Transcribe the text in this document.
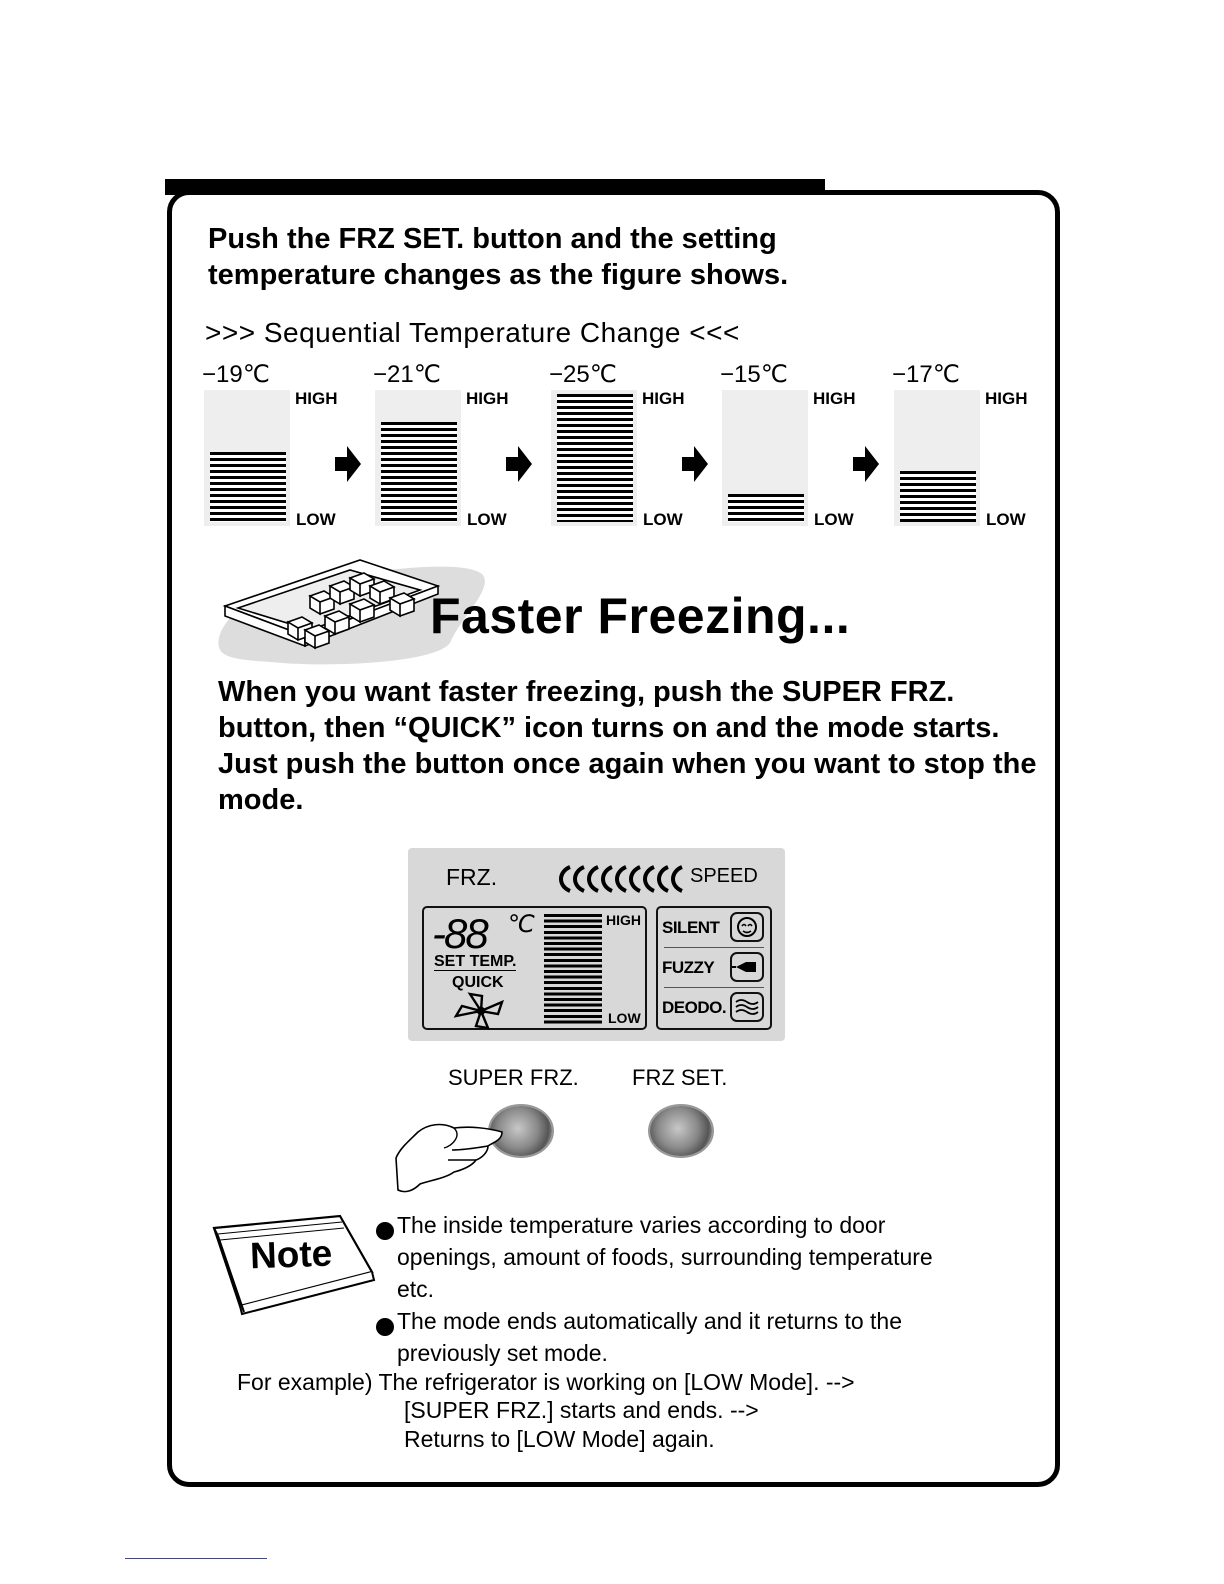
Push the FRZ SET. button and the setting temperature changes as the figure shows.

>>> Sequential Temperature Change <<<
−19℃
HIGH
LOW
−21℃
HIGH
LOW
−25℃
HIGH
LOW
−15℃
HIGH
LOW
−17℃
HIGH
LOW
Faster Freezing...

When you want faster freezing, push the SUPER FRZ. button, then “QUICK” icon turns on and the mode starts. Just push the button once again when you want to stop the mode.

FRZ.	SPEED
-88 ℃
SET TEMP.
QUICK
HIGH
LOW
SILENT
FUZZY
DEODO.
SUPER FRZ. FRZ SET.
Note

The inside temperature varies according to door

openings, amount of foods, surrounding temperature

etc.

The mode ends automatically and it returns to the

previously set mode.

For example) The refrigerator is working on [LOW Mode]. -->

[SUPER FRZ.] starts and ends. -->

Returns to [LOW Mode] again.
